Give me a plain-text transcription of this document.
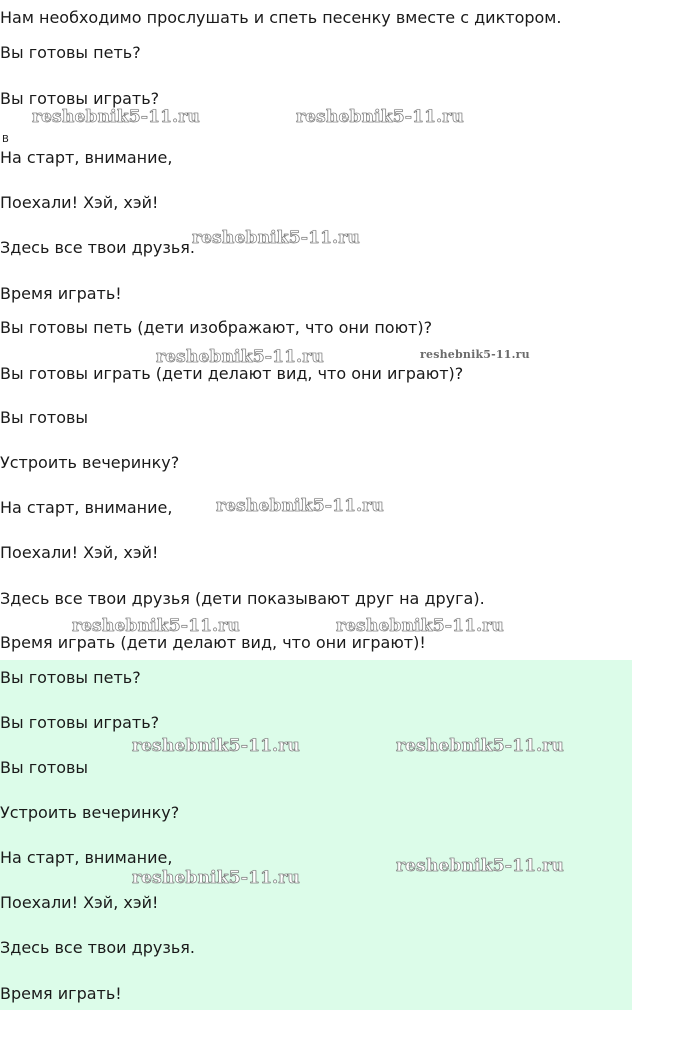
Нам необходимо прослушать и спеть песенку вместе с диктором.
Вы готовы петь?
Вы готовы играть?
В
На старт, внимание,
Поехали! Хэй, хэй!
Здесь все твои друзья.
Время играть!
Вы готовы петь (дети изображают, что они поют)?
Вы готовы играть (дети делают вид, что они играют)?
Вы готовы
Устроить вечеринку?
На старт, внимание,
Поехали! Хэй, хэй!
Здесь все твои друзья (дети показывают друг на друга).
Время играть (дети делают вид, что они играют)!
Вы готовы петь?
Вы готовы играть?
Вы готовы
Устроить вечеринку?
На старт, внимание,
Поехали! Хэй, хэй!
Здесь все твои друзья.
Время играть!
reshebnik5-11.ru	reshebnik5-11.ru
reshebnik5-11.ru
reshebnik5-11.ru	reshebnik5-11.ru
reshebnik5-11.ru
reshebnik5-11.ru	reshebnik5-11.ru
reshebnik5-11.ru	reshebnik5-11.ru
reshebnik5-11.ru
reshebnik5-11.ru
